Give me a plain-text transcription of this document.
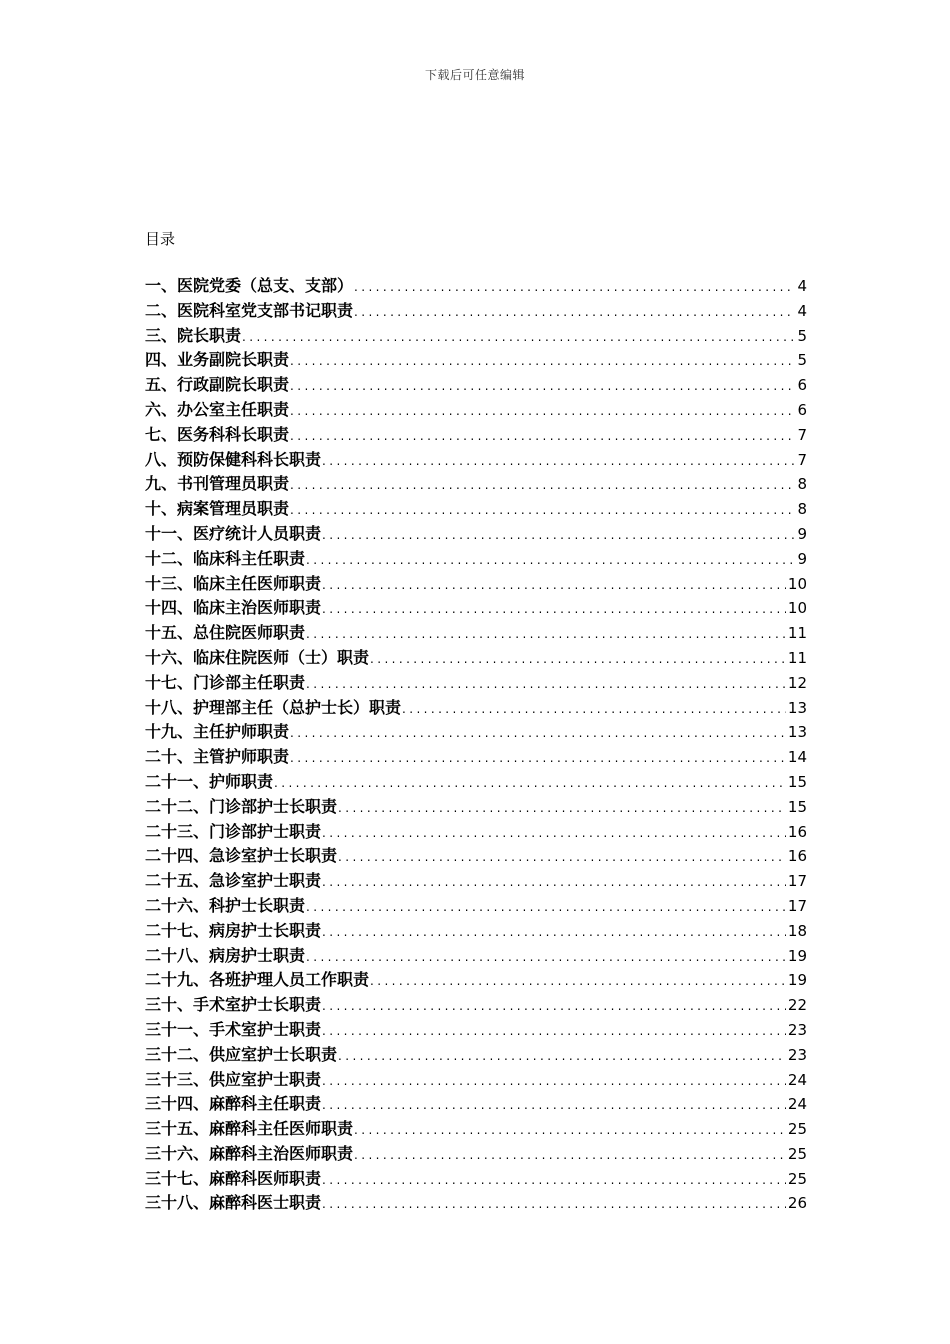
下载后可任意编辑
目录
一、医院党委（总支、支部） .....	4
二、医院科室党支部书记职责 .....	4
三、院长职责 .....	5
四、业务副院长职责 .....	5
五、行政副院长职责 .....	6
六、办公室主任职责 .....	6
七、医务科科长职责 .....	7
八、预防保健科科长职责 .....	7
九、书刊管理员职责 .....	8
十、病案管理员职责 .....	8
十一、医疗统计人员职责 .....	9
十二、临床科主任职责 .....	9
十三、临床主任医师职责 .....	10
十四、临床主治医师职责 .....	10
十五、总住院医师职责 .....	11
十六、临床住院医师（士）职责 .....	11
十七、门诊部主任职责 .....	12
十八、护理部主任（总护士长）职责 .....	13
十九、主任护师职责 .....	13
二十、主管护师职责 .....	14
二十一、护师职责 .....	15
二十二、门诊部护士长职责 .....	15
二十三、门诊部护士职责 .....	16
二十四、急诊室护士长职责 .....	16
二十五、急诊室护士职责 .....	17
二十六、科护士长职责 .....	17
二十七、病房护士长职责 .....	18
二十八、病房护士职责 .....	19
二十九、各班护理人员工作职责 .....	19
三十、手术室护士长职责 .....	22
三十一、手术室护士职责 .....	23
三十二、供应室护士长职责 .....	23
三十三、供应室护士职责 .....	24
三十四、麻醉科主任职责 .....	24
三十五、麻醉科主任医师职责 .....	25
三十六、麻醉科主治医师职责 .....	25
三十七、麻醉科医师职责 .....	25
三十八、麻醉科医士职责 .....	26
